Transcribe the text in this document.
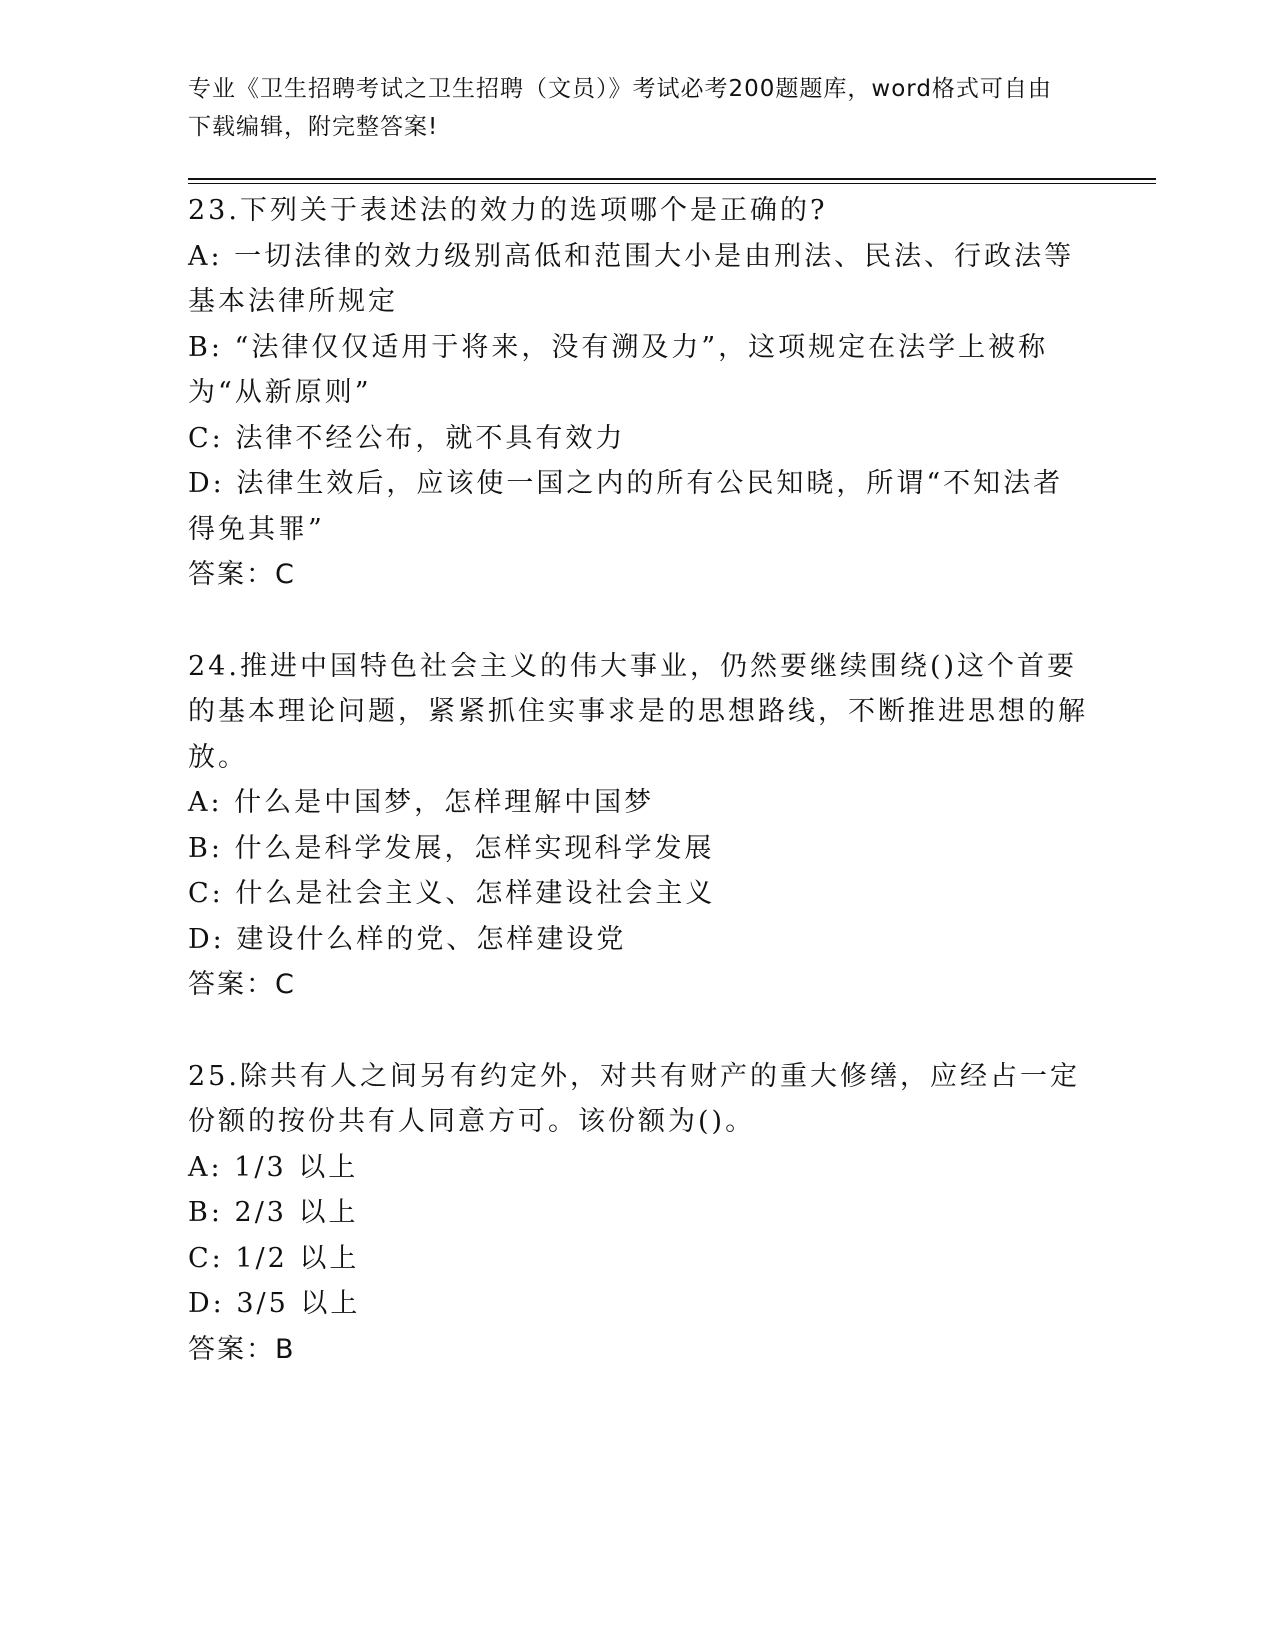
专业《卫生招聘考试之卫生招聘（文员）》考试必考200题题库，word格式可自由下载编辑，附完整答案!
23.下列关于表述法的效力的选项哪个是正确的?
A: 一切法律的效力级别高低和范围大小是由刑法、民法、行政法等基本法律所规定
B: “法律仅仅适用于将来，没有溯及力”，这项规定在法学上被称为“从新原则”
C: 法律不经公布，就不具有效力
D: 法律生效后，应该使一国之内的所有公民知晓，所谓“不知法者得免其罪”
答案：C
24.推进中国特色社会主义的伟大事业，仍然要继续围绕()这个首要的基本理论问题，紧紧抓住实事求是的思想路线，不断推进思想的解放。
A: 什么是中国梦，怎样理解中国梦
B: 什么是科学发展，怎样实现科学发展
C: 什么是社会主义、怎样建设社会主义
D: 建设什么样的党、怎样建设党
答案：C
25.除共有人之间另有约定外，对共有财产的重大修缮，应经占一定份额的按份共有人同意方可。该份额为()。
A: 1/3 以上
B: 2/3 以上
C: 1/2 以上
D: 3/5 以上
答案：B
